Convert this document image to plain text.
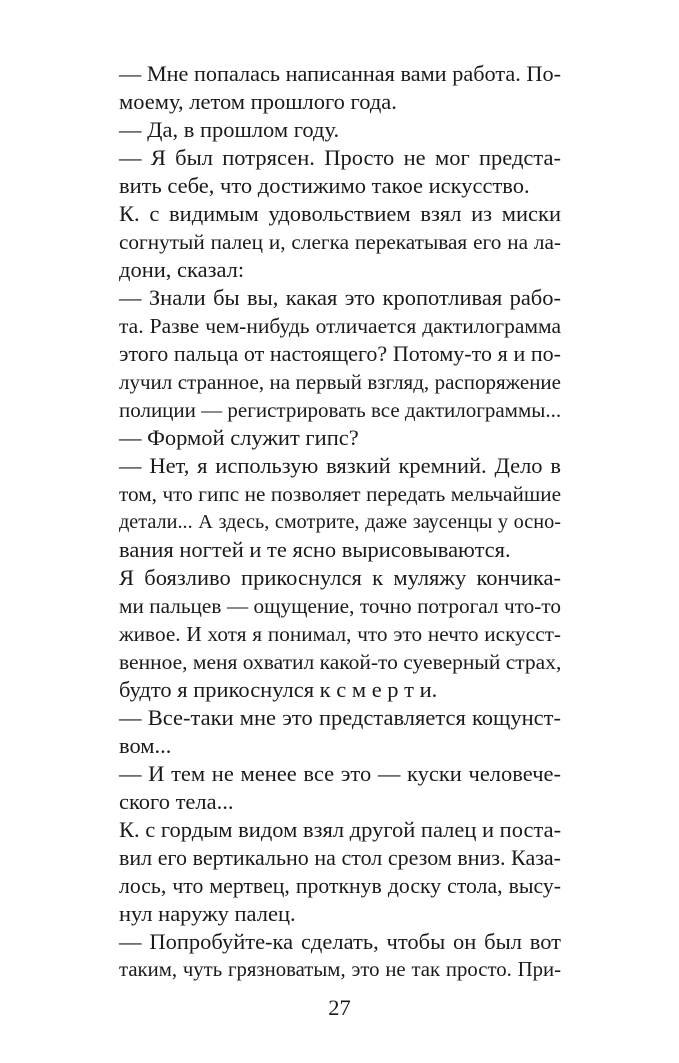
— Мне попалась написанная вами работа. По-
моему, летом прошлого года.
— Да, в прошлом году.
— Я был потрясен. Просто не мог предста-
вить себе, что достижимо такое искусство.
К. с видимым удовольствием взял из миски
согнутый палец и, слегка перекатывая его на ла-
дони, сказал:
— Знали бы вы, какая это кропотливая рабо-
та. Разве чем-нибудь отличается дактилограмма
этого пальца от настоящего? Потому-то я и по-
лучил странное, на первый взгляд, распоряжение
полиции — регистрировать все дактилограммы...
— Формой служит гипс?
— Нет, я использую вязкий кремний. Дело в
том, что гипс не позволяет передать мельчайшие
детали... А здесь, смотрите, даже заусенцы у осно-
вания ногтей и те ясно вырисовываются.
Я боязливо прикоснулся к муляжу кончика-
ми пальцев — ощущение, точно потрогал что-то
живое. И хотя я понимал, что это нечто искусст-
венное, меня охватил какой-то суеверный страх,
будто я прикоснулся к с м е р т и.
— Все-таки мне это представляется кощунст-
вом...
— И тем не менее все это — куски человече-
ского тела...
К. с гордым видом взял другой палец и поста-
вил его вертикально на стол срезом вниз. Каза-
лось, что мертвец, проткнув доску стола, высу-
нул наружу палец.
— Попробуйте-ка сделать, чтобы он был вот
таким, чуть грязноватым, это не так просто. При-
27
